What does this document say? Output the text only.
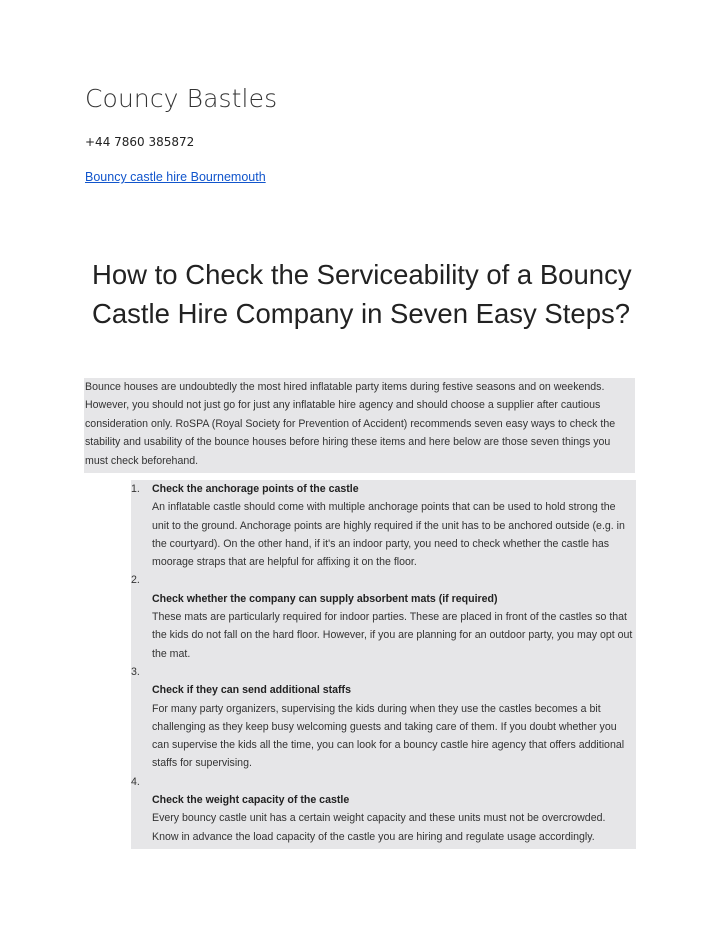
Councy Bastles
+44 7860 385872
Bouncy castle hire Bournemouth
How to Check the Serviceability of a Bouncy Castle Hire Company in Seven Easy Steps?
Bounce houses are undoubtedly the most hired inflatable party items during festive seasons and on weekends. However, you should not just go for just any inflatable hire agency and should choose a supplier after cautious consideration only. RoSPA (Royal Society for Prevention of Accident) recommends seven easy ways to check the stability and usability of the bounce houses before hiring these items and here below are those seven things you must check beforehand.
1. Check the anchorage points of the castle
An inflatable castle should come with multiple anchorage points that can be used to hold strong the unit to the ground. Anchorage points are highly required if the unit has to be anchored outside (e.g. in the courtyard). On the other hand, if it's an indoor party, you need to check whether the castle has moorage straps that are helpful for affixing it on the floor.
2.
Check whether the company can supply absorbent mats (if required)
These mats are particularly required for indoor parties. These are placed in front of the castles so that the kids do not fall on the hard floor. However, if you are planning for an outdoor party, you may opt out the mat.
3.
Check if they can send additional staffs
For many party organizers, supervising the kids during when they use the castles becomes a bit challenging as they keep busy welcoming guests and taking care of them. If you doubt whether you can supervise the kids all the time, you can look for a bouncy castle hire agency that offers additional staffs for supervising.
4.
Check the weight capacity of the castle
Every bouncy castle unit has a certain weight capacity and these units must not be overcrowded. Know in advance the load capacity of the castle you are hiring and regulate usage accordingly.
